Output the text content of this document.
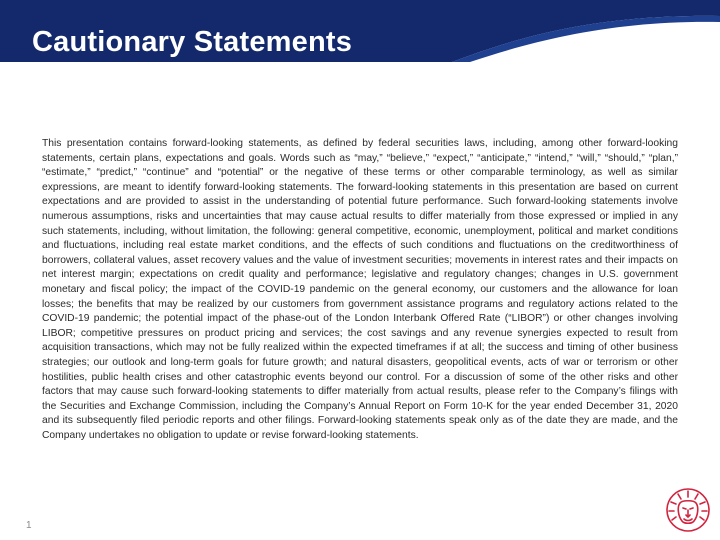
Cautionary Statements

This presentation contains forward-looking statements, as defined by federal securities laws, including, among other forward-looking statements, certain plans, expectations and goals. Words such as “may,” “believe,” “expect,” “anticipate,” “intend,” “will,” “should,” “plan,” “estimate,” “predict,” “continue” and “potential” or the negative of these terms or other comparable terminology, as well as similar expressions, are meant to identify forward-looking statements. The forward-looking statements in this presentation are based on current expectations and are provided to assist in the understanding of potential future performance. Such forward-looking statements involve numerous assumptions, risks and uncertainties that may cause actual results to differ materially from those expressed or implied in any such statements, including, without limitation, the following: general competitive, economic, unemployment, political and market conditions and fluctuations, including real estate market conditions, and the effects of such conditions and fluctuations on the creditworthiness of borrowers, collateral values, asset recovery values and the value of investment securities; movements in interest rates and their impacts on net interest margin; expectations on credit quality and performance; legislative and regulatory changes; changes in U.S. government monetary and fiscal policy; the impact of the COVID-19 pandemic on the general economy, our customers and the allowance for loan losses; the benefits that may be realized by our customers from government assistance programs and regulatory actions related to the COVID-19 pandemic; the potential impact of the phase-out of the London Interbank Offered Rate (“LIBOR”) or other changes involving LIBOR; competitive pressures on product pricing and services; the cost savings and any revenue synergies expected to result from acquisition transactions, which may not be fully realized within the expected timeframes if at all; the success and timing of other business strategies; our outlook and long-term goals for future growth; and natural disasters, geopolitical events, acts of war or terrorism or other hostilities, public health crises and other catastrophic events beyond our control. For a discussion of some of the other risks and other factors that may cause such forward-looking statements to differ materially from actual results, please refer to the Company’s filings with the Securities and Exchange Commission, including the Company’s Annual Report on Form 10-K for the year ended December 31, 2020 and its subsequently filed periodic reports and other filings. Forward-looking statements speak only as of the date they are made, and the Company undertakes no obligation to update or revise forward-looking statements.

1
